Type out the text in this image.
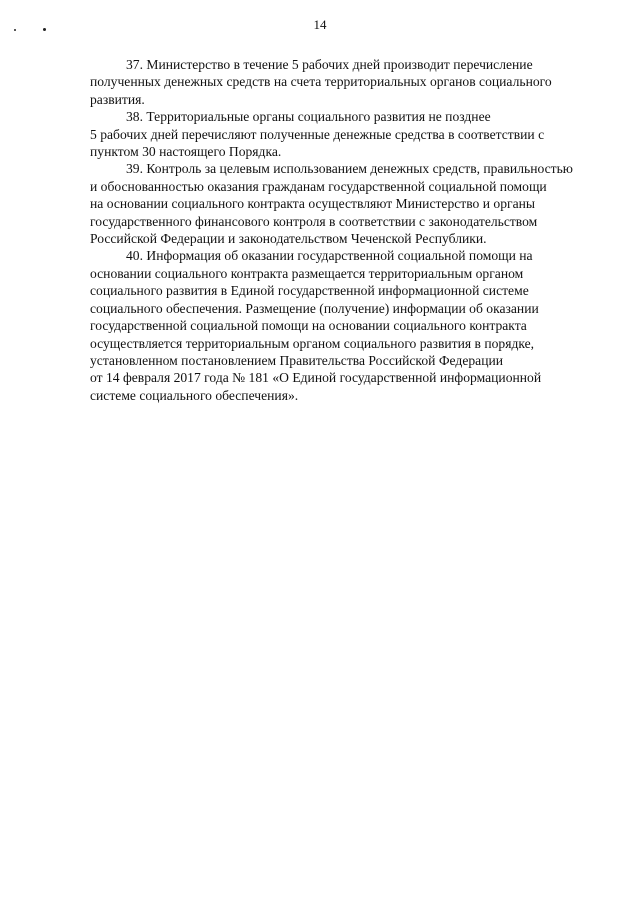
14

37. Министерство в течение 5 рабочих дней производит перечисление
полученных денежных средств на счета территориальных органов социального
развития.

38. Территориальные органы социального развития не позднее
5 рабочих дней перечисляют полученные денежные средства в соответствии с
пунктом 30 настоящего Порядка.

39. Контроль за целевым использованием денежных средств, правильностью
и обоснованностью оказания гражданам государственной социальной помощи
на основании социального контракта осуществляют Министерство и органы
государственного финансового контроля в соответствии с законодательством
Российской Федерации и законодательством Чеченской Республики.

40. Информация об оказании государственной социальной помощи на
основании социального контракта размещается территориальным органом
социального развития в Единой государственной информационной системе
социального обеспечения. Размещение (получение) информации об оказании
государственной социальной помощи на основании социального контракта
осуществляется территориальным органом социального развития в порядке,
установленном постановлением Правительства Российской Федерации
от 14 февраля 2017 года № 181 «О Единой государственной информационной
системе социального обеспечения».
